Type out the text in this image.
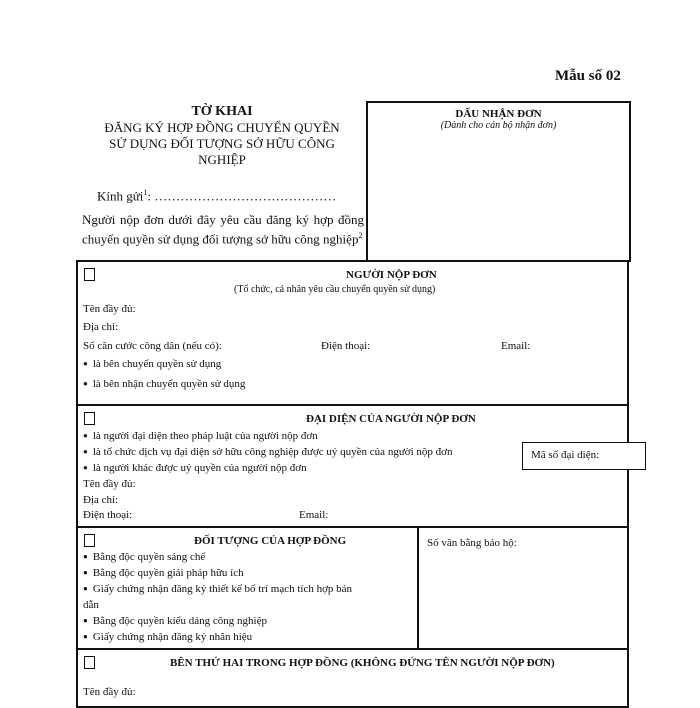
Mẫu số 02
TỜ KHAI
ĐĂNG KÝ HỢP ĐỒNG CHUYỂN QUYỀN
SỬ DỤNG ĐỐI TƯỢNG SỞ HỮU CÔNG
NGHIỆP
Kính gửi$^1$: ……………………………………
Người nộp đơn dưới đây yêu cầu đăng ký hợp đồng chuyển quyền sử dụng đối tượng sở hữu công nghiệp$^2$
DẤU NHẬN ĐƠN
(Dành cho cán bộ nhận đơn)
NGƯỜI NỘP ĐƠN
(Tổ chức, cá nhân yêu cầu chuyển quyền sử dụng)
Tên đầy đủ:
Địa chỉ:
Số căn cước công dân (nếu có):	Điện thoại:	Email:
● là bên chuyển quyền sử dụng
● là bên nhận chuyển quyền sử dụng
ĐẠI DIỆN CỦA NGƯỜI NỘP ĐƠN
● là người đại diện theo pháp luật của người nộp đơn
● là tổ chức dịch vụ đại diện sở hữu công nghiệp được uỷ quyền của người nộp đơn
● là người khác được uỷ quyền của người nộp đơn
Tên đầy đủ:
Địa chỉ:
Điện thoại:	Email:
Mã số đại diện:
ĐỐI TƯỢNG CỦA HỢP ĐỒNG
● Bằng độc quyền sáng chế
● Bằng độc quyền giải pháp hữu ích
● Giấy chứng nhận đăng ký thiết kế bố trí mạch tích hợp bán
dẫn
● Bằng độc quyền kiểu dáng công nghiệp
● Giấy chứng nhận đăng ký nhãn hiệu
Số văn bằng bảo hộ:
BÊN THỨ HAI TRONG HỢP ĐỒNG (KHÔNG ĐỨNG TÊN NGƯỜI NỘP ĐƠN)
Tên đầy đủ:
